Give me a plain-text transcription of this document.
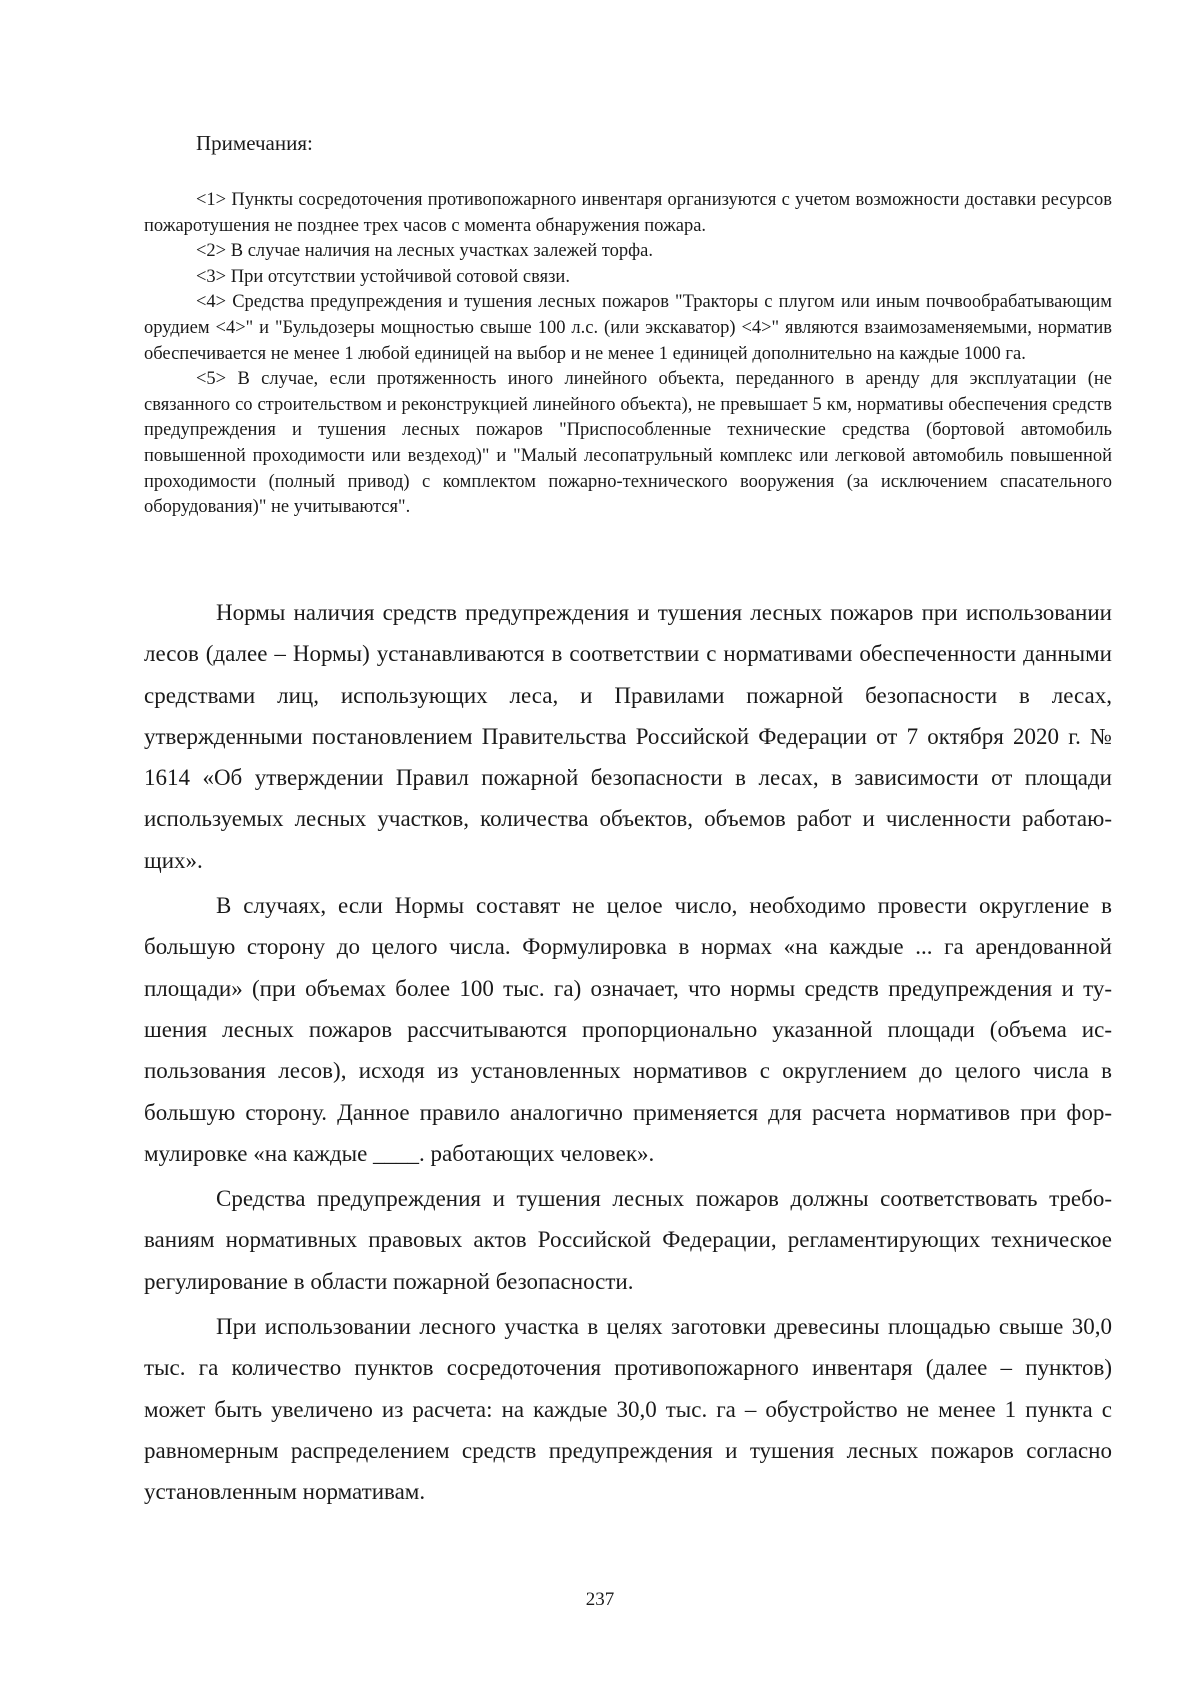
Примечания:

<1> Пункты сосредоточения противопожарного инвентаря организуются с учетом возможности доставки ресурсов пожаротушения не позднее трех часов с момента обнаружения пожара.

<2> В случае наличия на лесных участках залежей торфа.

<3> При отсутствии устойчивой сотовой связи.

<4> Средства предупреждения и тушения лесных пожаров "Тракторы с плугом или иным почвообрабатывающим орудием <4>" и "Бульдозеры мощностью свыше 100 л.с. (или экскаватор) <4>" являются взаимозаменяемыми, норматив обеспечивается не менее 1 любой единицей на выбор и не менее 1 единицей дополнительно на каждые 1000 га.

<5> В случае, если протяженность иного линейного объекта, переданного в аренду для эксплуатации (не связанного со строительством и реконструкцией линейного объекта), не превышает 5 км, нормативы обеспечения средств предупреждения и тушения лесных пожаров "Приспособленные технические средства (бортовой автомобиль повышенной проходимости или вездеход)" и "Малый лесопатрульный комплекс или легковой автомобиль повышенной проходимости (полный привод) с комплектом пожарно-технического вооружения (за исключением спасательного оборудования)" не учитываются".

Нормы наличия средств предупреждения и тушения лесных пожаров при использовании лесов (далее – Нормы) устанавливаются в соответствии с нормативами обеспеченности данными средствами лиц, использующих леса, и Правилами пожарной безопасности в лесах, утвержденными постановлением Правительства Российской Федерации от 7 октября 2020 г. № 1614 «Об утверждении Правил пожарной безопасности в лесах, в зависимости от площади используемых лесных участков, количества объектов, объемов работ и численности работающих».

В случаях, если Нормы составят не целое число, необходимо провести округление в большую сторону до целого числа. Формулировка в нормах «на каждые ... га арендованной площади» (при объемах более 100 тыс. га) означает, что нормы средств предупреждения и тушения лесных пожаров рассчитываются пропорционально указанной площади (объема использования лесов), исходя из установленных нормативов с округлением до целого числа в большую сторону. Данное правило аналогично применяется для расчета нормативов при формулировке «на каждые ____. работающих человек».

Средства предупреждения и тушения лесных пожаров должны соответствовать требованиям нормативных правовых актов Российской Федерации, регламентирующих техническое регулирование в области пожарной безопасности.

При использовании лесного участка в целях заготовки древесины площадью свыше 30,0 тыс. га количество пунктов сосредоточения противопожарного инвентаря (далее – пунктов) может быть увеличено из расчета: на каждые 30,0 тыс. га – обустройство не менее 1 пункта с равномерным распределением средств предупреждения и тушения лесных пожаров согласно установленным нормативам.

237
